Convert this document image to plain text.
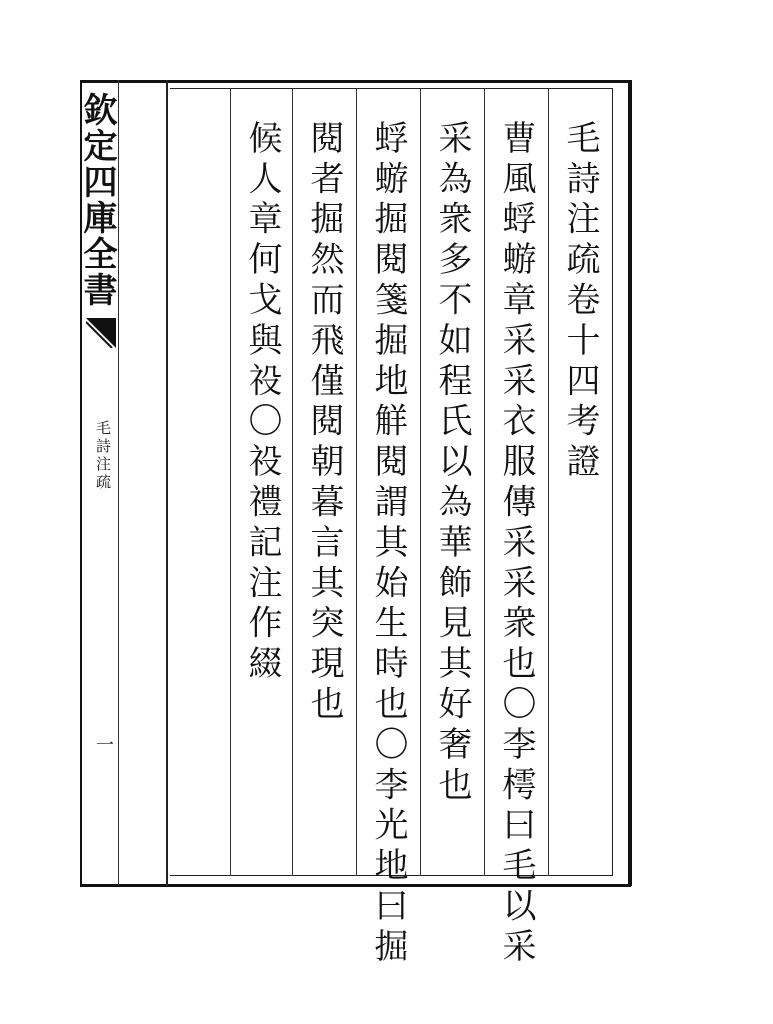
欽定四庫全書
毛詩注疏
一
毛詩注疏卷十四考證
曹風蜉蝣章采采衣服傳采采衆也〇李樗曰毛以采
采為衆多不如程氏以為華飾見其好奢也
蜉蝣掘閱箋掘地觧閱謂其始生時也〇李光地曰掘
閱者掘然而飛僅閱朝暮言其突現也
候人章何戈與祋〇祋禮記注作綴
